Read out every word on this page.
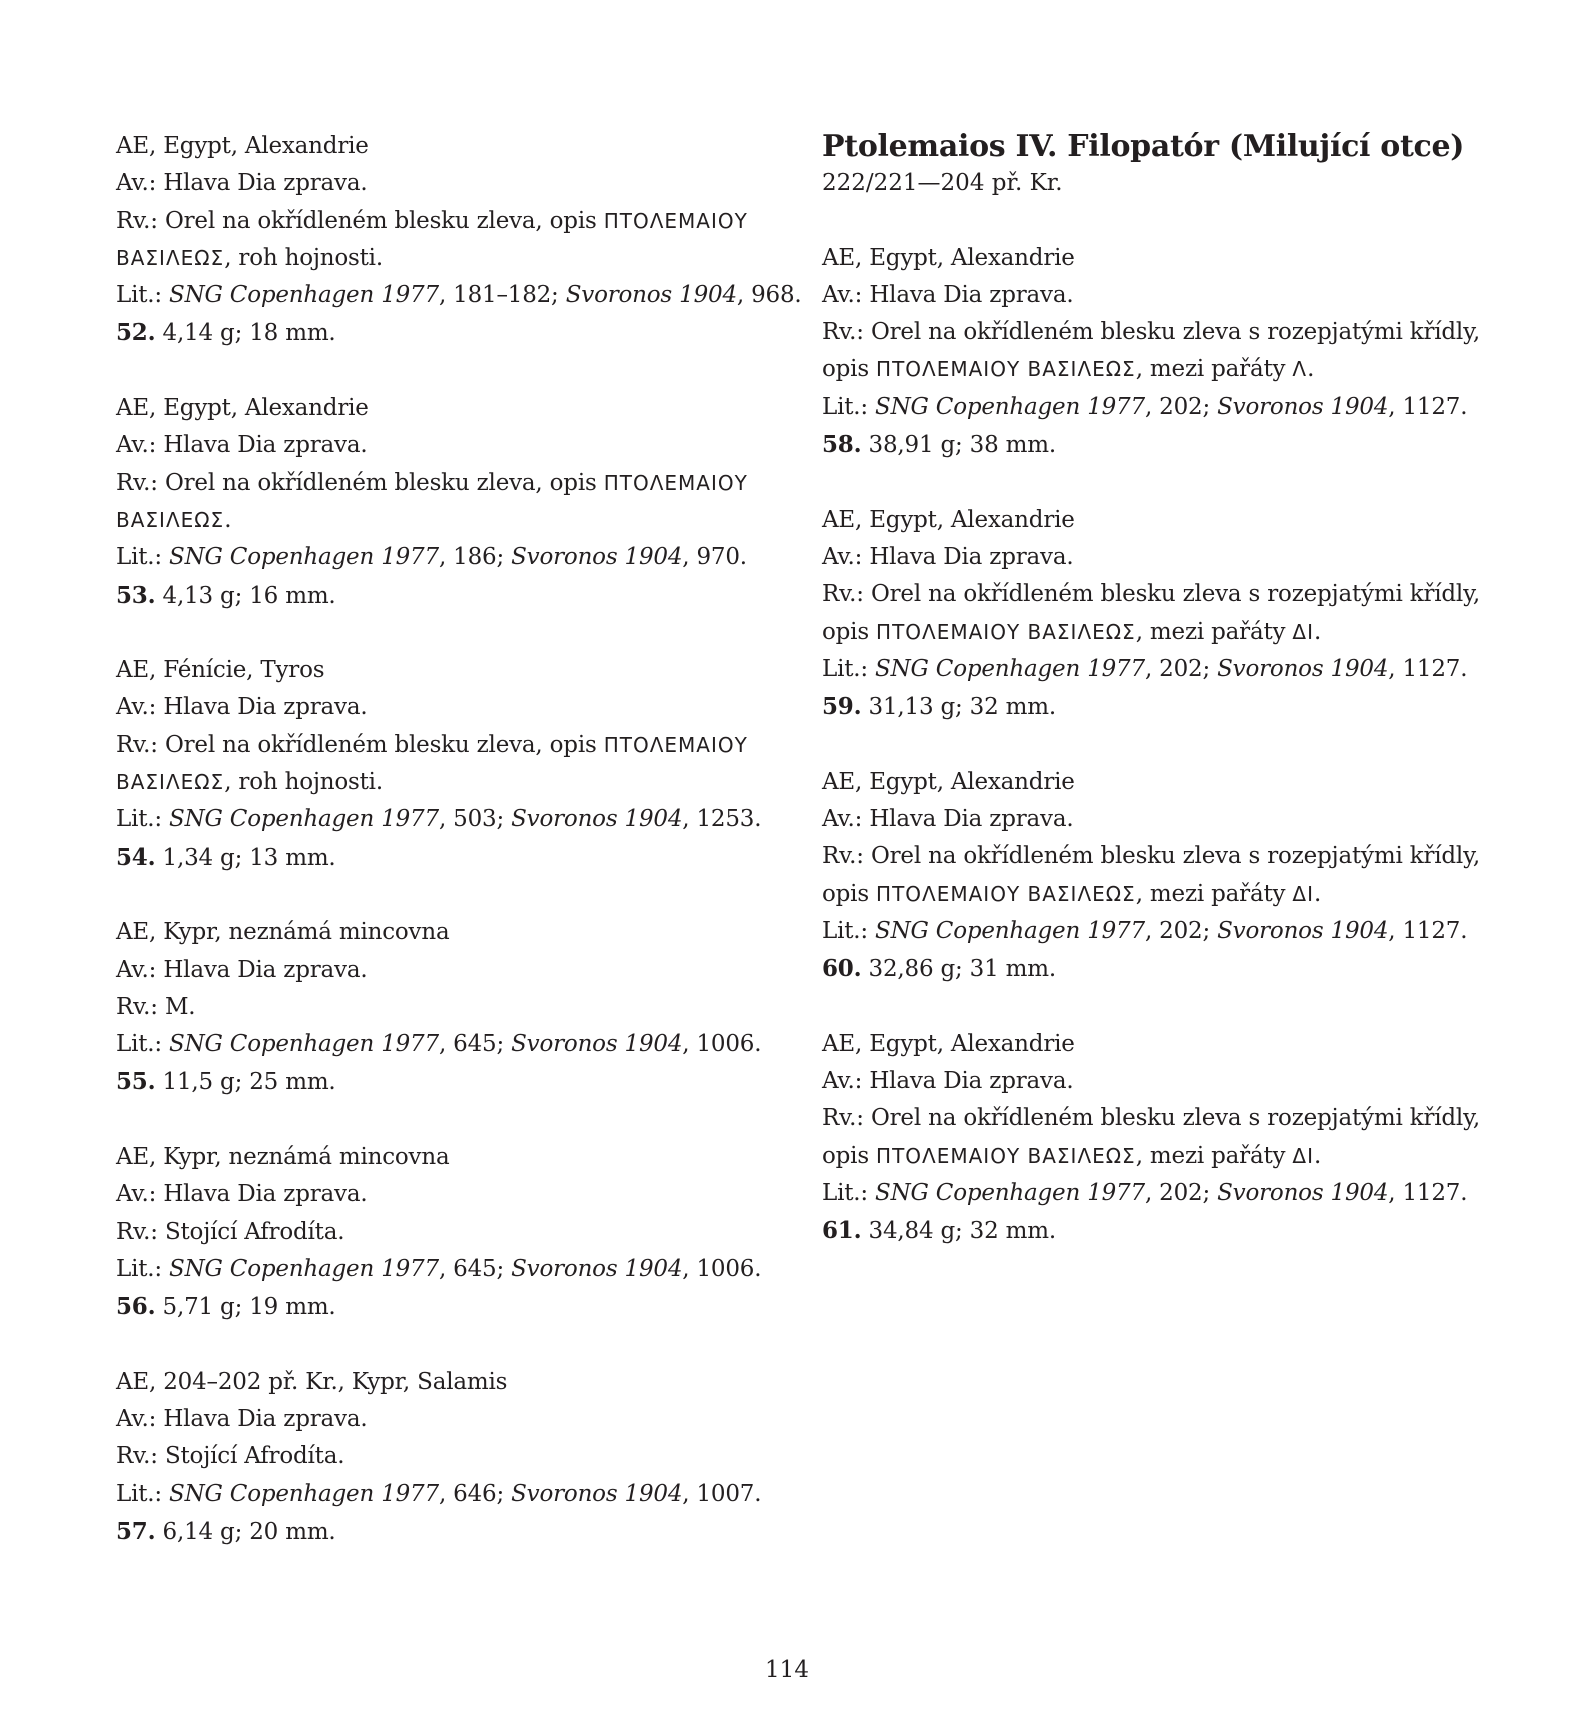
AE, Egypt, Alexandrie
Av.: Hlava Dia zprava.
Rv.: Orel na okřídleném blesku zleva, opis ΠΤΟΛΕΜΑΙΟΥ
ΒΑΣΙΛΕΩΣ, roh hojnosti.
Lit.: SNG Copenhagen 1977, 181–182; Svoronos 1904, 968.
52. 4,14 g; 18 mm.
AE, Egypt, Alexandrie
Av.: Hlava Dia zprava.
Rv.: Orel na okřídleném blesku zleva, opis ΠΤΟΛΕΜΑΙΟΥ
ΒΑΣΙΛΕΩΣ.
Lit.: SNG Copenhagen 1977, 186; Svoronos 1904, 970.
53. 4,13 g; 16 mm.
AE, Fénície, Tyros
Av.: Hlava Dia zprava.
Rv.: Orel na okřídleném blesku zleva, opis ΠΤΟΛΕΜΑΙΟΥ
ΒΑΣΙΛΕΩΣ, roh hojnosti.
Lit.: SNG Copenhagen 1977, 503; Svoronos 1904, 1253.
54. 1,34 g; 13 mm.
AE, Kypr, neznámá mincovna
Av.: Hlava Dia zprava.
Rv.: M.
Lit.: SNG Copenhagen 1977, 645; Svoronos 1904, 1006.
55. 11,5 g; 25 mm.
AE, Kypr, neznámá mincovna
Av.: Hlava Dia zprava.
Rv.: Stojící Afrodíta.
Lit.: SNG Copenhagen 1977, 645; Svoronos 1904, 1006.
56. 5,71 g; 19 mm.
AE, 204–202 př. Kr., Kypr, Salamis
Av.: Hlava Dia zprava.
Rv.: Stojící Afrodíta.
Lit.: SNG Copenhagen 1977, 646; Svoronos 1904, 1007.
57. 6,14 g; 20 mm.
Ptolemaios IV. Filopatór (Milující otce)
222/221—204 př. Kr.
AE, Egypt, Alexandrie
Av.: Hlava Dia zprava.
Rv.: Orel na okřídleném blesku zleva s rozepjatými křídly,
opis ΠΤΟΛΕΜΑΙΟΥ ΒΑΣΙΛΕΩΣ, mezi pařáty Λ.
Lit.: SNG Copenhagen 1977, 202; Svoronos 1904, 1127.
58. 38,91 g; 38 mm.
AE, Egypt, Alexandrie
Av.: Hlava Dia zprava.
Rv.: Orel na okřídleném blesku zleva s rozepjatými křídly,
opis ΠΤΟΛΕΜΑΙΟΥ ΒΑΣΙΛΕΩΣ, mezi pařáty ΔΙ.
Lit.: SNG Copenhagen 1977, 202; Svoronos 1904, 1127.
59. 31,13 g; 32 mm.
AE, Egypt, Alexandrie
Av.: Hlava Dia zprava.
Rv.: Orel na okřídleném blesku zleva s rozepjatými křídly,
opis ΠΤΟΛΕΜΑΙΟΥ ΒΑΣΙΛΕΩΣ, mezi pařáty ΔΙ.
Lit.: SNG Copenhagen 1977, 202; Svoronos 1904, 1127.
60. 32,86 g; 31 mm.
AE, Egypt, Alexandrie
Av.: Hlava Dia zprava.
Rv.: Orel na okřídleném blesku zleva s rozepjatými křídly,
opis ΠΤΟΛΕΜΑΙΟΥ ΒΑΣΙΛΕΩΣ, mezi pařáty ΔΙ.
Lit.: SNG Copenhagen 1977, 202; Svoronos 1904, 1127.
61. 34,84 g; 32 mm.
114
